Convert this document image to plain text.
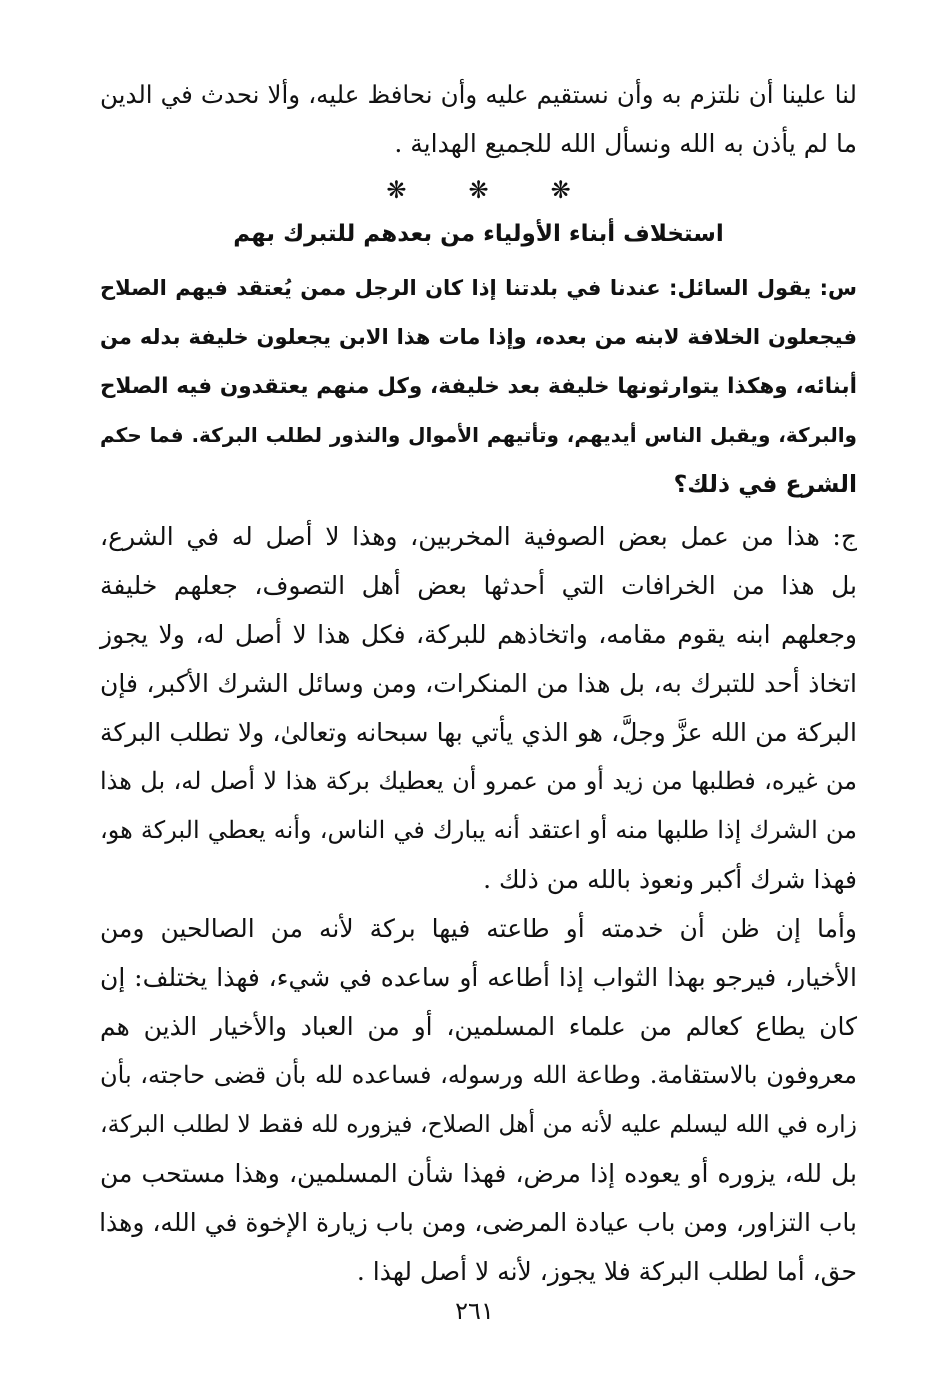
لنا علينا أن نلتزم به وأن نستقيم عليه وأن نحافظ عليه، وألا نحدث في الدين
ما لم يأذن به الله ونسأل الله للجميع الهداية .
❋
❋
❋
استخلاف أبناء الأولياء من بعدهم للتبرك بهم
س: يقول السائل: عندنا في بلدتنا إذا كان الرجل ممن يُعتقد فيهم الصلاح
فيجعلون الخلافة لابنه من بعده، وإذا مات هذا الابن يجعلون خليفة بدله من
أبنائه، وهكذا يتوارثونها خليفة بعد خليفة، وكل منهم يعتقدون فيه الصلاح
والبركة، ويقبل الناس أيديهم، وتأتيهم الأموال والنذور لطلب البركة. فما حكم
الشرع في ذلك؟
ج: هذا من عمل بعض الصوفية المخربين، وهذا لا أصل له في الشرع،
بل هذا من الخرافات التي أحدثها بعض أهل التصوف، جعلهم خليفة
وجعلهم ابنه يقوم مقامه، واتخاذهم للبركة، فكل هذا لا أصل له، ولا يجوز
اتخاذ أحد للتبرك به، بل هذا من المنكرات، ومن وسائل الشرك الأكبر، فإن
البركة من الله عزَّ وجلَّ، هو الذي يأتي بها سبحانه وتعالىٰ، ولا تطلب البركة
من غيره، فطلبها من زيد أو من عمرو أن يعطيك بركة هذا لا أصل له، بل هذا
من الشرك إذا طلبها منه أو اعتقد أنه يبارك في الناس، وأنه يعطي البركة هو،
فهذا شرك أكبر ونعوذ بالله من ذلك .
وأما إن ظن أن خدمته أو طاعته فيها بركة لأنه من الصالحين ومن
الأخيار، فيرجو بهذا الثواب إذا أطاعه أو ساعده في شيء، فهذا يختلف: إن
كان يطاع كعالم من علماء المسلمين، أو من العباد والأخيار الذين هم
معروفون بالاستقامة. وطاعة الله ورسوله، فساعده لله بأن قضى حاجته، بأن
زاره في الله ليسلم عليه لأنه من أهل الصلاح، فيزوره لله فقط لا لطلب البركة،
بل لله، يزوره أو يعوده إذا مرض، فهذا شأن المسلمين، وهذا مستحب من
باب التزاور، ومن باب عيادة المرضى، ومن باب زيارة الإخوة في الله، وهذا
حق، أما لطلب البركة فلا يجوز، لأنه لا أصل لهذا .
٢٦١
